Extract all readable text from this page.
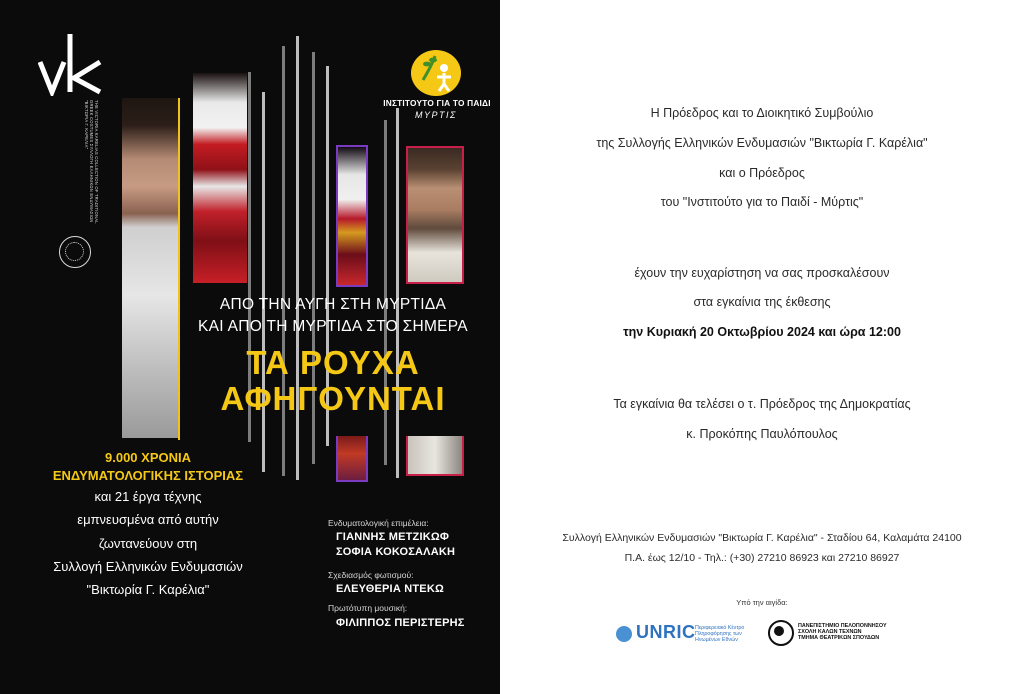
THE VICTORIA KARELIAS COLLECTION OF TRADITIONAL GREEK COSTUMES ΣΥΛΛΟΓΗ ΕΛΛΗΝΙΚΩΝ ΕΝΔΥΜΑΣΙΩΝ "ΒΙΚΤΩΡΙΑ Γ. ΚΑΡΕΛΙΑ"	ΙΝΣΤΙΤΟΥΤΟ ΓΙΑ ΤΟ ΠΑΙΔΙ
ΜΥΡΤΙΣ
ΑΠΟ ΤΗΝ ΑΥΓΗ ΣΤΗ ΜΥΡΤΙΔΑ
ΚΑΙ ΑΠΟ ΤΗ ΜΥΡΤΙΔΑ ΣΤΟ ΣΗΜΕΡΑ
ΤΑ ΡΟΥΧΑ
ΑΦΗΓΟΥΝΤΑΙ
9.000 ΧΡΟΝΙΑ
ΕΝΔΥΜΑΤΟΛΟΓΙΚΗΣ ΙΣΤΟΡΙΑΣ
και 21 έργα τέχνης
εμπνευσμένα από αυτήν
ζωντανεύουν στη
Συλλογή Ελληνικών Ενδυμασιών
"Βικτωρία Γ. Καρέλια"
Ενδυματολογική επιμέλεια:
ΓΙΑΝΝΗΣ ΜΕΤΖΙΚΩΦ
ΣΟΦΙΑ ΚΟΚΟΣΑΛΑΚΗ
Σχεδιασμός φωτισμού:
ΕΛΕΥΘΕΡΙΑ ΝΤΕΚΩ
Πρωτότυπη μουσική:
ΦΙΛΙΠΠΟΣ ΠΕΡΙΣΤΕΡΗΣ
Η Πρόεδρος και το Διοικητικό Συμβούλιο
της Συλλογής Ελληνικών Ενδυμασιών "Βικτωρία Γ. Καρέλια"
και ο Πρόεδρος
του "Ινστιτούτο για το Παιδί - Μύρτις"
έχουν την ευχαρίστηση να σας προσκαλέσουν
στα εγκαίνια της έκθεσης
την Κυριακή 20 Οκτωβρίου 2024 και ώρα 12:00
Τα εγκαίνια θα τελέσει ο τ. Πρόεδρος της Δημοκρατίας
κ. Προκόπης Παυλόπουλος
Συλλογή Ελληνικών Ενδυμασιών "Βικτωρία Γ. Καρέλια" - Σταδίου 64, Καλαμάτα 24100
Π.Α. έως 12/10 - Τηλ.: (+30) 27210 86923 και 27210 86927
Υπό την αιγίδα:
UNRIC Περιφερειακό Κέντρο
Πληροφόρησης των
Ηνωμένων Εθνών
ΠΑΝΕΠΙΣΤΗΜΙΟ ΠΕΛΟΠΟΝΝΗΣΟΥ
ΣΧΟΛΗ ΚΑΛΩΝ ΤΕΧΝΩΝ
ΤΜΗΜΑ ΘΕΑΤΡΙΚΩΝ ΣΠΟΥΔΩΝ
